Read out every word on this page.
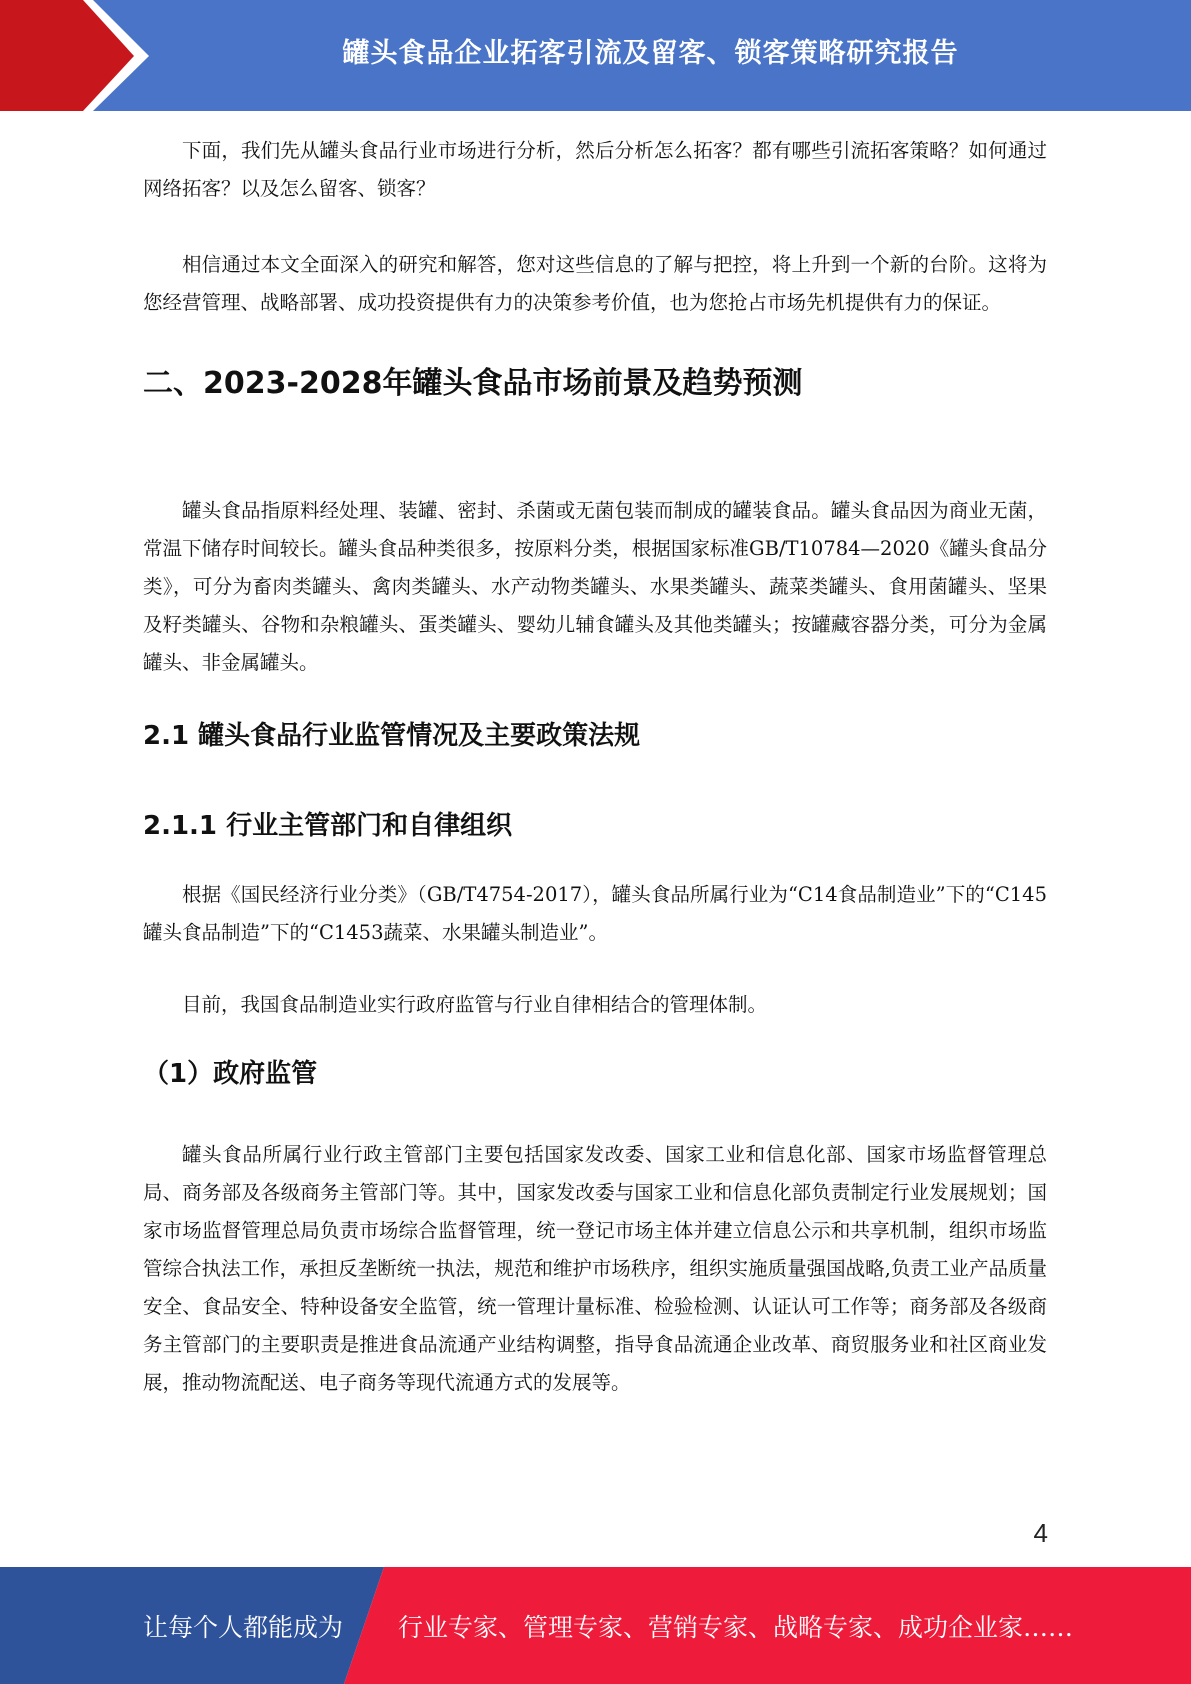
罐头食品企业拓客引流及留客、锁客策略研究报告

下面，我们先从罐头食品行业市场进行分析，然后分析怎么拓客？都有哪些引流拓客策略？如何通过网络拓客？以及怎么留客、锁客？

相信通过本文全面深入的研究和解答，您对这些信息的了解与把控，将上升到一个新的台阶。这将为您经营管理、战略部署、成功投资提供有力的决策参考价值，也为您抢占市场先机提供有力的保证。

二、2023-2028年罐头食品市场前景及趋势预测

罐头食品指原料经处理、装罐、密封、杀菌或无菌包装而制成的罐装食品。罐头食品因为商业无菌，常温下储存时间较长。罐头食品种类很多，按原料分类，根据国家标准GB/T10784—2020《罐头食品分类》，可分为畜肉类罐头、禽肉类罐头、水产动物类罐头、水果类罐头、蔬菜类罐头、食用菌罐头、坚果及籽类罐头、谷物和杂粮罐头、蛋类罐头、婴幼儿辅食罐头及其他类罐头；按罐藏容器分类，可分为金属罐头、非金属罐头。

2.1 罐头食品行业监管情况及主要政策法规
2.1.1 行业主管部门和自律组织

根据《国民经济行业分类》（GB/T4754-2017），罐头食品所属行业为“C14食品制造业”下的“C145罐头食品制造”下的“C1453蔬菜、水果罐头制造业”。

目前，我国食品制造业实行政府监管与行业自律相结合的管理体制。

（1）政府监管

罐头食品所属行业行政主管部门主要包括国家发改委、国家工业和信息化部、国家市场监督管理总局、商务部及各级商务主管部门等。其中，国家发改委与国家工业和信息化部负责制定行业发展规划；国家市场监督管理总局负责市场综合监督管理，统一登记市场主体并建立信息公示和共享机制，组织市场监管综合执法工作，承担反垄断统一执法，规范和维护市场秩序，组织实施质量强国战略,负责工业产品质量安全、食品安全、特种设备安全监管，统一管理计量标准、检验检测、认证认可工作等；商务部及各级商务主管部门的主要职责是推进食品流通产业结构调整，指导食品流通企业改革、商贸服务业和社区商业发展，推动物流配送、电子商务等现代流通方式的发展等。

4
让每个人都能成为 行业专家、管理专家、营销专家、战略专家、成功企业家……
